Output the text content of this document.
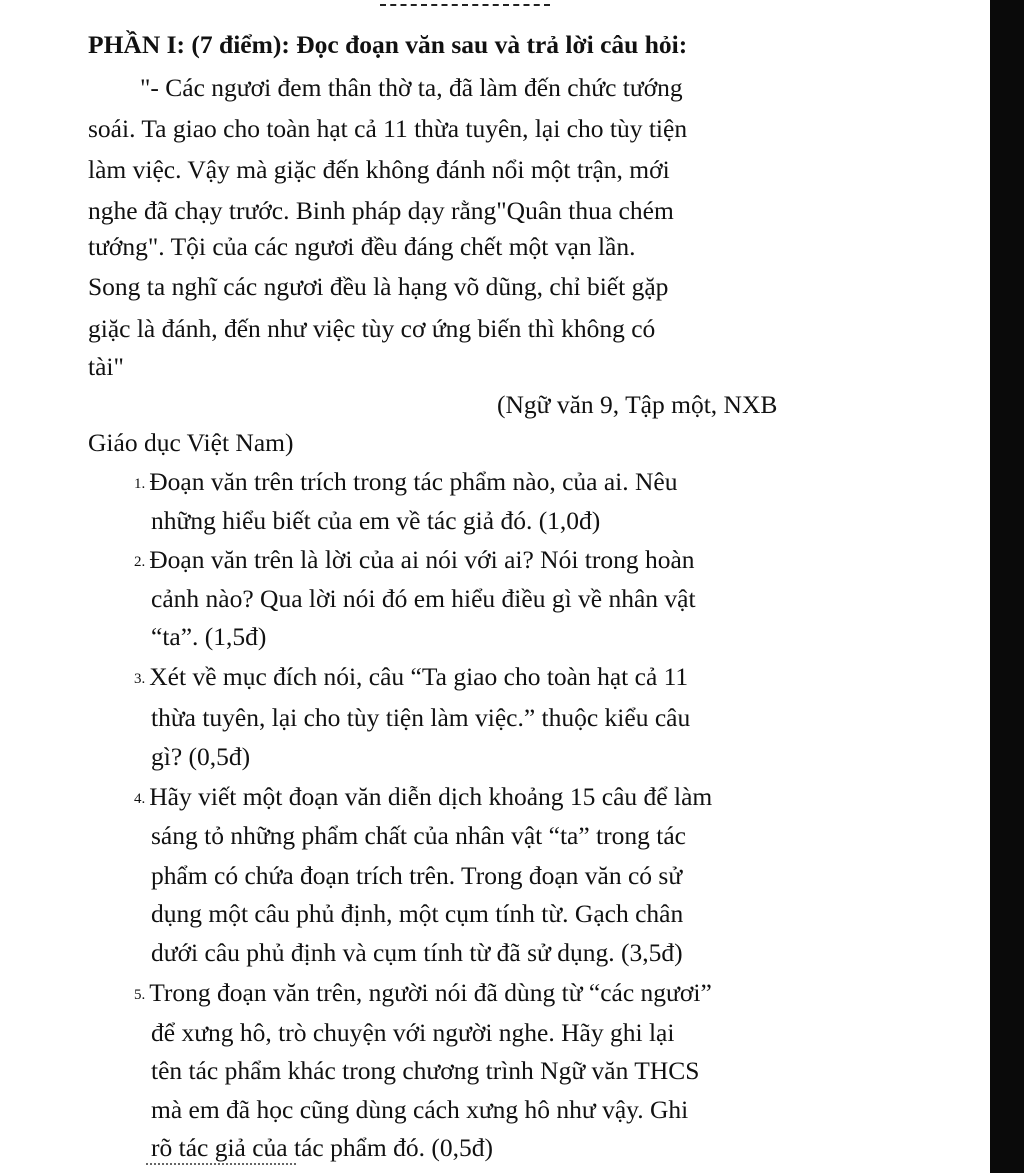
PHẦN I: (7 điểm): Đọc đoạn văn sau và trả lời câu hỏi:
"- Các ngươi đem thân thờ ta, đã làm đến chức tướng
soái. Ta giao cho toàn hạt cả 11 thừa tuyên, lại cho tùy tiện
làm việc. Vậy mà giặc đến không đánh nổi một trận, mới
nghe đã chạy trước. Binh pháp dạy rằng"Quân thua chém
tướng". Tội của các ngươi đều đáng chết một vạn lần.
Song ta nghĩ các ngươi đều là hạng võ dũng, chỉ biết gặp
giặc là đánh, đến như việc tùy cơ ứng biến thì không có
tài"
(Ngữ văn 9, Tập một, NXB
Giáo dục Việt Nam)
1. Đoạn văn trên trích trong tác phẩm nào, của ai. Nêu
những hiểu biết của em về tác giả đó. (1,0đ)
2. Đoạn văn trên là lời của ai nói với ai? Nói trong hoàn
cảnh nào? Qua lời nói đó em hiểu điều gì về nhân vật
“ta”. (1,5đ)
3. Xét về mục đích nói, câu “Ta giao cho toàn hạt cả 11
thừa tuyên, lại cho tùy tiện làm việc.” thuộc kiểu câu
gì? (0,5đ)
4. Hãy viết một đoạn văn diễn dịch khoảng 15 câu để làm
sáng tỏ những phẩm chất của nhân vật “ta” trong tác
phẩm có chứa đoạn trích trên. Trong đoạn văn có sử
dụng một câu phủ định, một cụm tính từ. Gạch chân
dưới câu phủ định và cụm tính từ đã sử dụng. (3,5đ)
5. Trong đoạn văn trên, người nói đã dùng từ “các ngươi”
để xưng hô, trò chuyện với người nghe. Hãy ghi lại
tên tác phẩm khác trong chương trình Ngữ văn THCS
mà em đã học cũng dùng cách xưng hô như vậy. Ghi
rõ tác giả của tác phẩm đó. (0,5đ)
